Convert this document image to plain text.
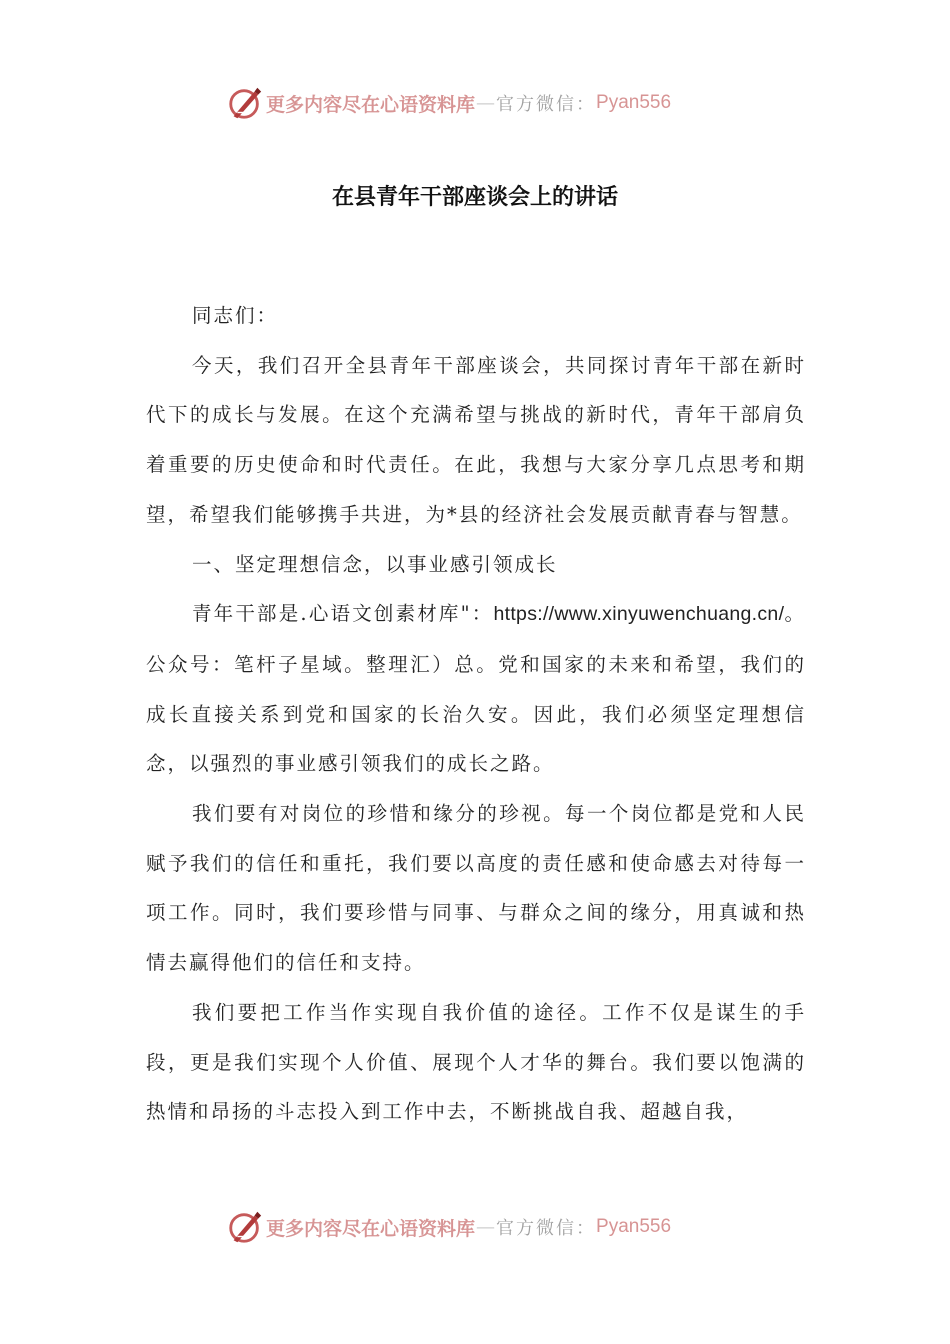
更多内容尽在心语资料库 — 官方微信： Pyan556
在县青年干部座谈会上的讲话

同志们：

今天，我们召开全县青年干部座谈会，共同探讨青年干部在新时代下的成长与发展。在这个充满希望与挑战的新时代，青年干部肩负着重要的历史使命和时代责任。在此，我想与大家分享几点思考和期望，希望我们能够携手共进，为*县的经济社会发展贡献青春与智慧。

一、坚定理想信念，以事业感引领成长

青年干部是.心语文创素材库"：https://www.xinyuwenchuang.cn/。公众号：笔杆子星域。整理汇）总。党和国家的未来和希望，我们的成长直接关系到党和国家的长治久安。因此，我们必须坚定理想信念，以强烈的事业感引领我们的成长之路。

我们要有对岗位的珍惜和缘分的珍视。每一个岗位都是党和人民赋予我们的信任和重托，我们要以高度的责任感和使命感去对待每一项工作。同时，我们要珍惜与同事、与群众之间的缘分，用真诚和热情去赢得他们的信任和支持。

我们要把工作当作实现自我价值的途径。工作不仅是谋生的手段，更是我们实现个人价值、展现个人才华的舞台。我们要以饱满的热情和昂扬的斗志投入到工作中去，不断挑战自我、超越自我，

更多内容尽在心语资料库 — 官方微信： Pyan556
